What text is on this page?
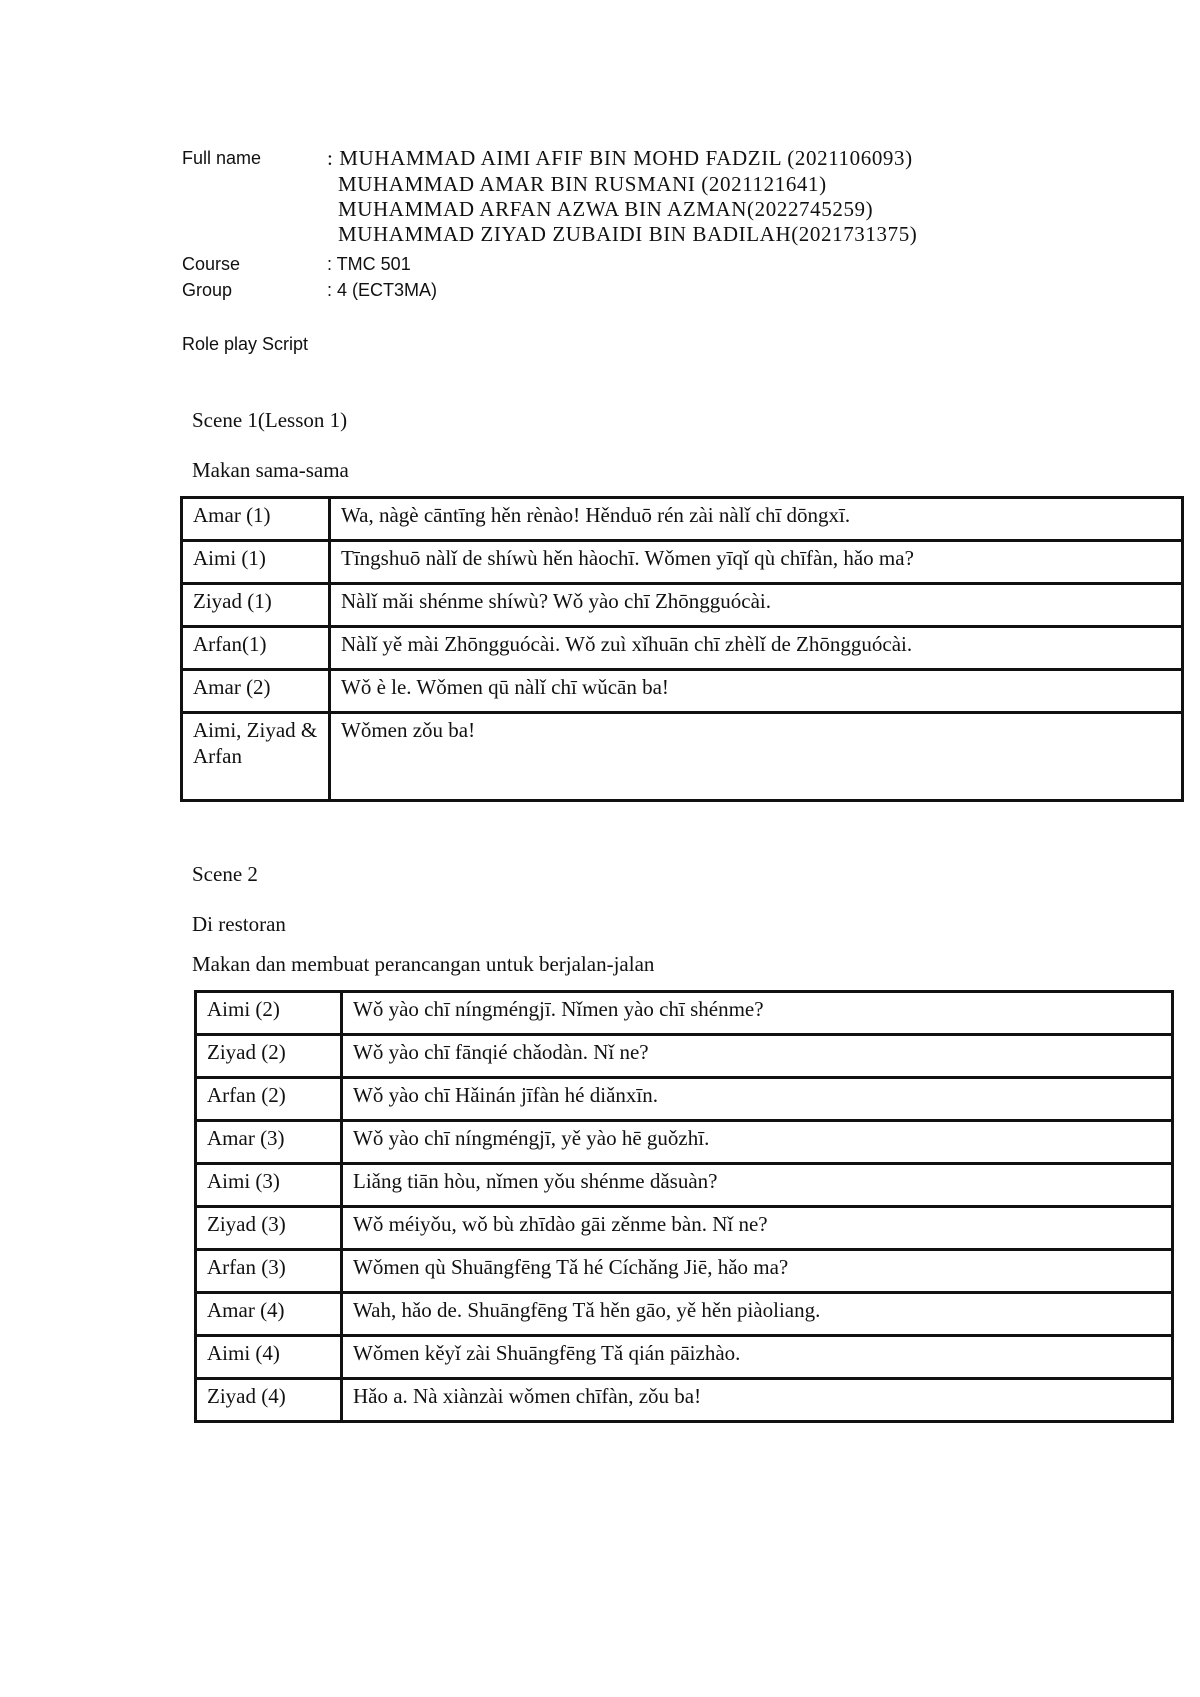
Full name	: MUHAMMAD AIMI AFIF BIN MOHD FADZIL (2021106093)
MUHAMMAD AMAR BIN RUSMANI (2021121641)
MUHAMMAD ARFAN AZWA BIN AZMAN(2022745259)
MUHAMMAD ZIYAD ZUBAIDI BIN BADILAH(2021731375)
Course	: TMC 501
Group	: 4 (ECT3MA)
Role play Script
Scene 1(Lesson 1)
Makan sama-sama
Amar (1)	Wa, nàgè cāntīng hěn rènào! Hěnduō rén zài nàlǐ chī dōngxī.
Aimi (1)	Tīngshuō nàlǐ de shíwù hěn hàochī. Wǒmen yīqǐ qù chīfàn, hǎo ma?
Ziyad (1)	Nàlǐ mǎi shénme shíwù? Wǒ yào chī Zhōngguócài.
Arfan(1)	Nàlǐ yě mài Zhōngguócài. Wǒ zuì xǐhuān chī zhèlǐ de Zhōngguócài.
Amar (2)	Wǒ è le. Wǒmen qū nàlǐ chī wǔcān ba!
Aimi, Ziyad & Arfan	Wǒmen zǒu ba!
Scene 2
Di restoran
Makan dan membuat perancangan untuk berjalan-jalan
Aimi (2)	Wǒ yào chī níngméngjī. Nǐmen yào chī shénme?
Ziyad (2)	Wǒ yào chī fānqié chǎodàn. Nǐ ne?
Arfan (2)	Wǒ yào chī Hǎinán jīfàn hé diǎnxīn.
Amar (3)	Wǒ yào chī níngméngjī, yě yào hē guǒzhī.
Aimi (3)	Liǎng tiān hòu, nǐmen yǒu shénme dǎsuàn?
Ziyad (3)	Wǒ méiyǒu, wǒ bù zhīdào gāi zěnme bàn. Nǐ ne?
Arfan (3)	Wǒmen qù Shuāngfēng Tǎ hé Cíchǎng Jiē, hǎo ma?
Amar (4)	Wah, hǎo de. Shuāngfēng Tǎ hěn gāo, yě hěn piàoliang.
Aimi (4)	Wǒmen kěyǐ zài Shuāngfēng Tǎ qián pāizhào.
Ziyad (4)	Hǎo a. Nà xiànzài wǒmen chīfàn, zǒu ba!
